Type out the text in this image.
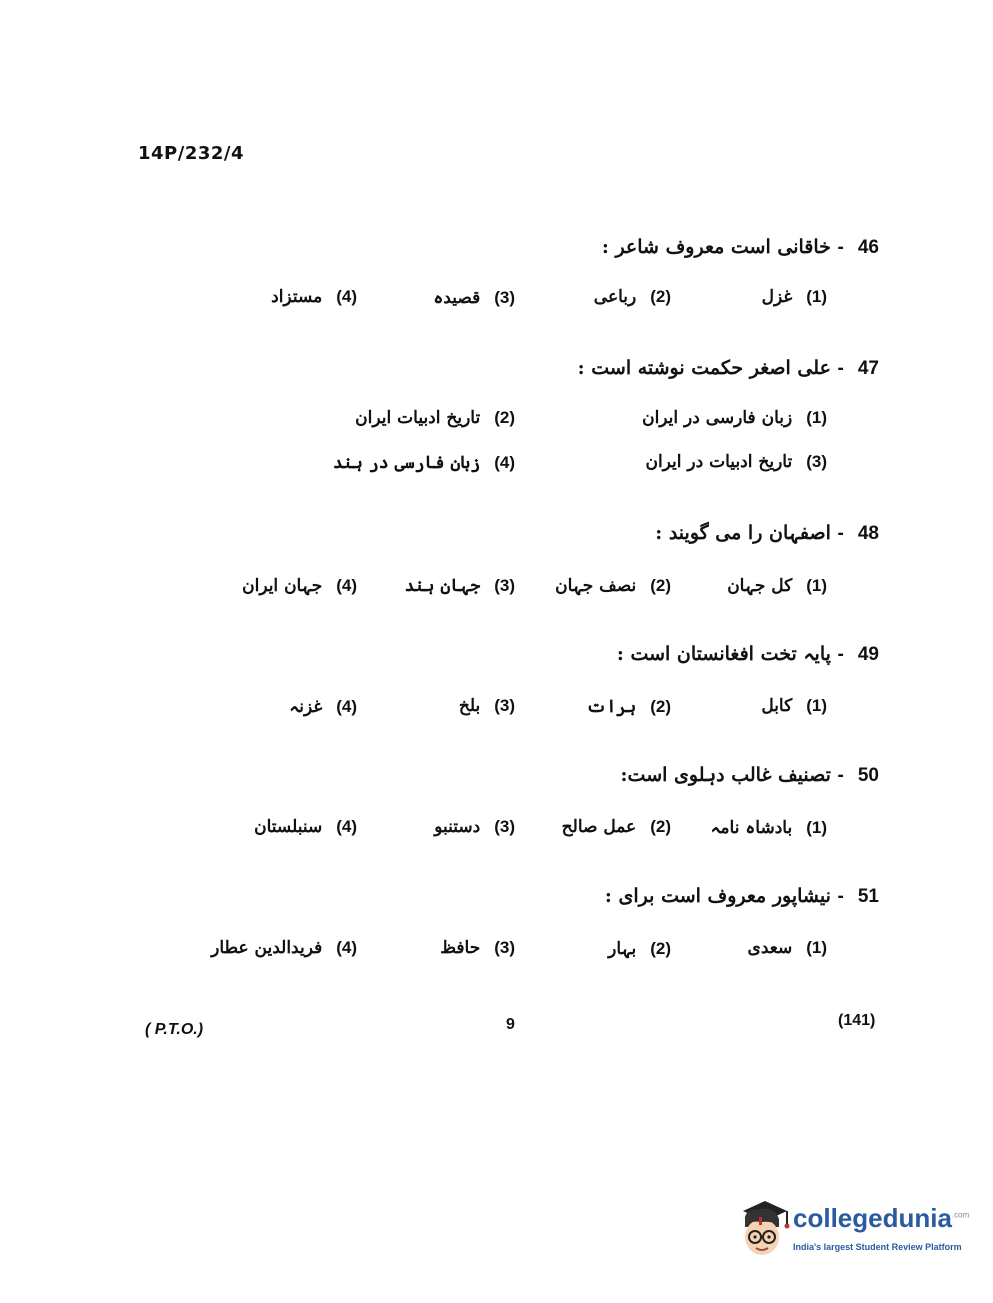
14P/232/4
46- خاقانی است معروف شاعر :
(1)غزل
(2)رباعی
(3)قصیدہ
(4)مستزاد
47- علی اصغر حکمت نوشته است :
(1)زبان فارسی در ایران
(2)تاریخ ادبیات ایران
(3)تاریخ ادبیات در ایران
(4)زبان فارسی در ہند
48- اصفہان را می گویند :
(1)کل جہان
(2)نصف جہان
(3)جہان ہند
(4)جہان ایران
49- پایہ تخت افغانستان است :
(1)کابل
(2)ہرات
(3)بلخ
(4)غزنہ
50- تصنیف غالب دہلوی است:
(1)بادشاہ نامہ
(2)عمل صالح
(3)دستنبو
(4)سنبلستان
51- نیشاپور معروف است برای :
(1)سعدی
(2)بہار
(3)حافظ
(4)فریدالدین عطار
( P.T.O.)	9	(141)
collegedunia$^{.com}$
India's largest Student Review Platform
